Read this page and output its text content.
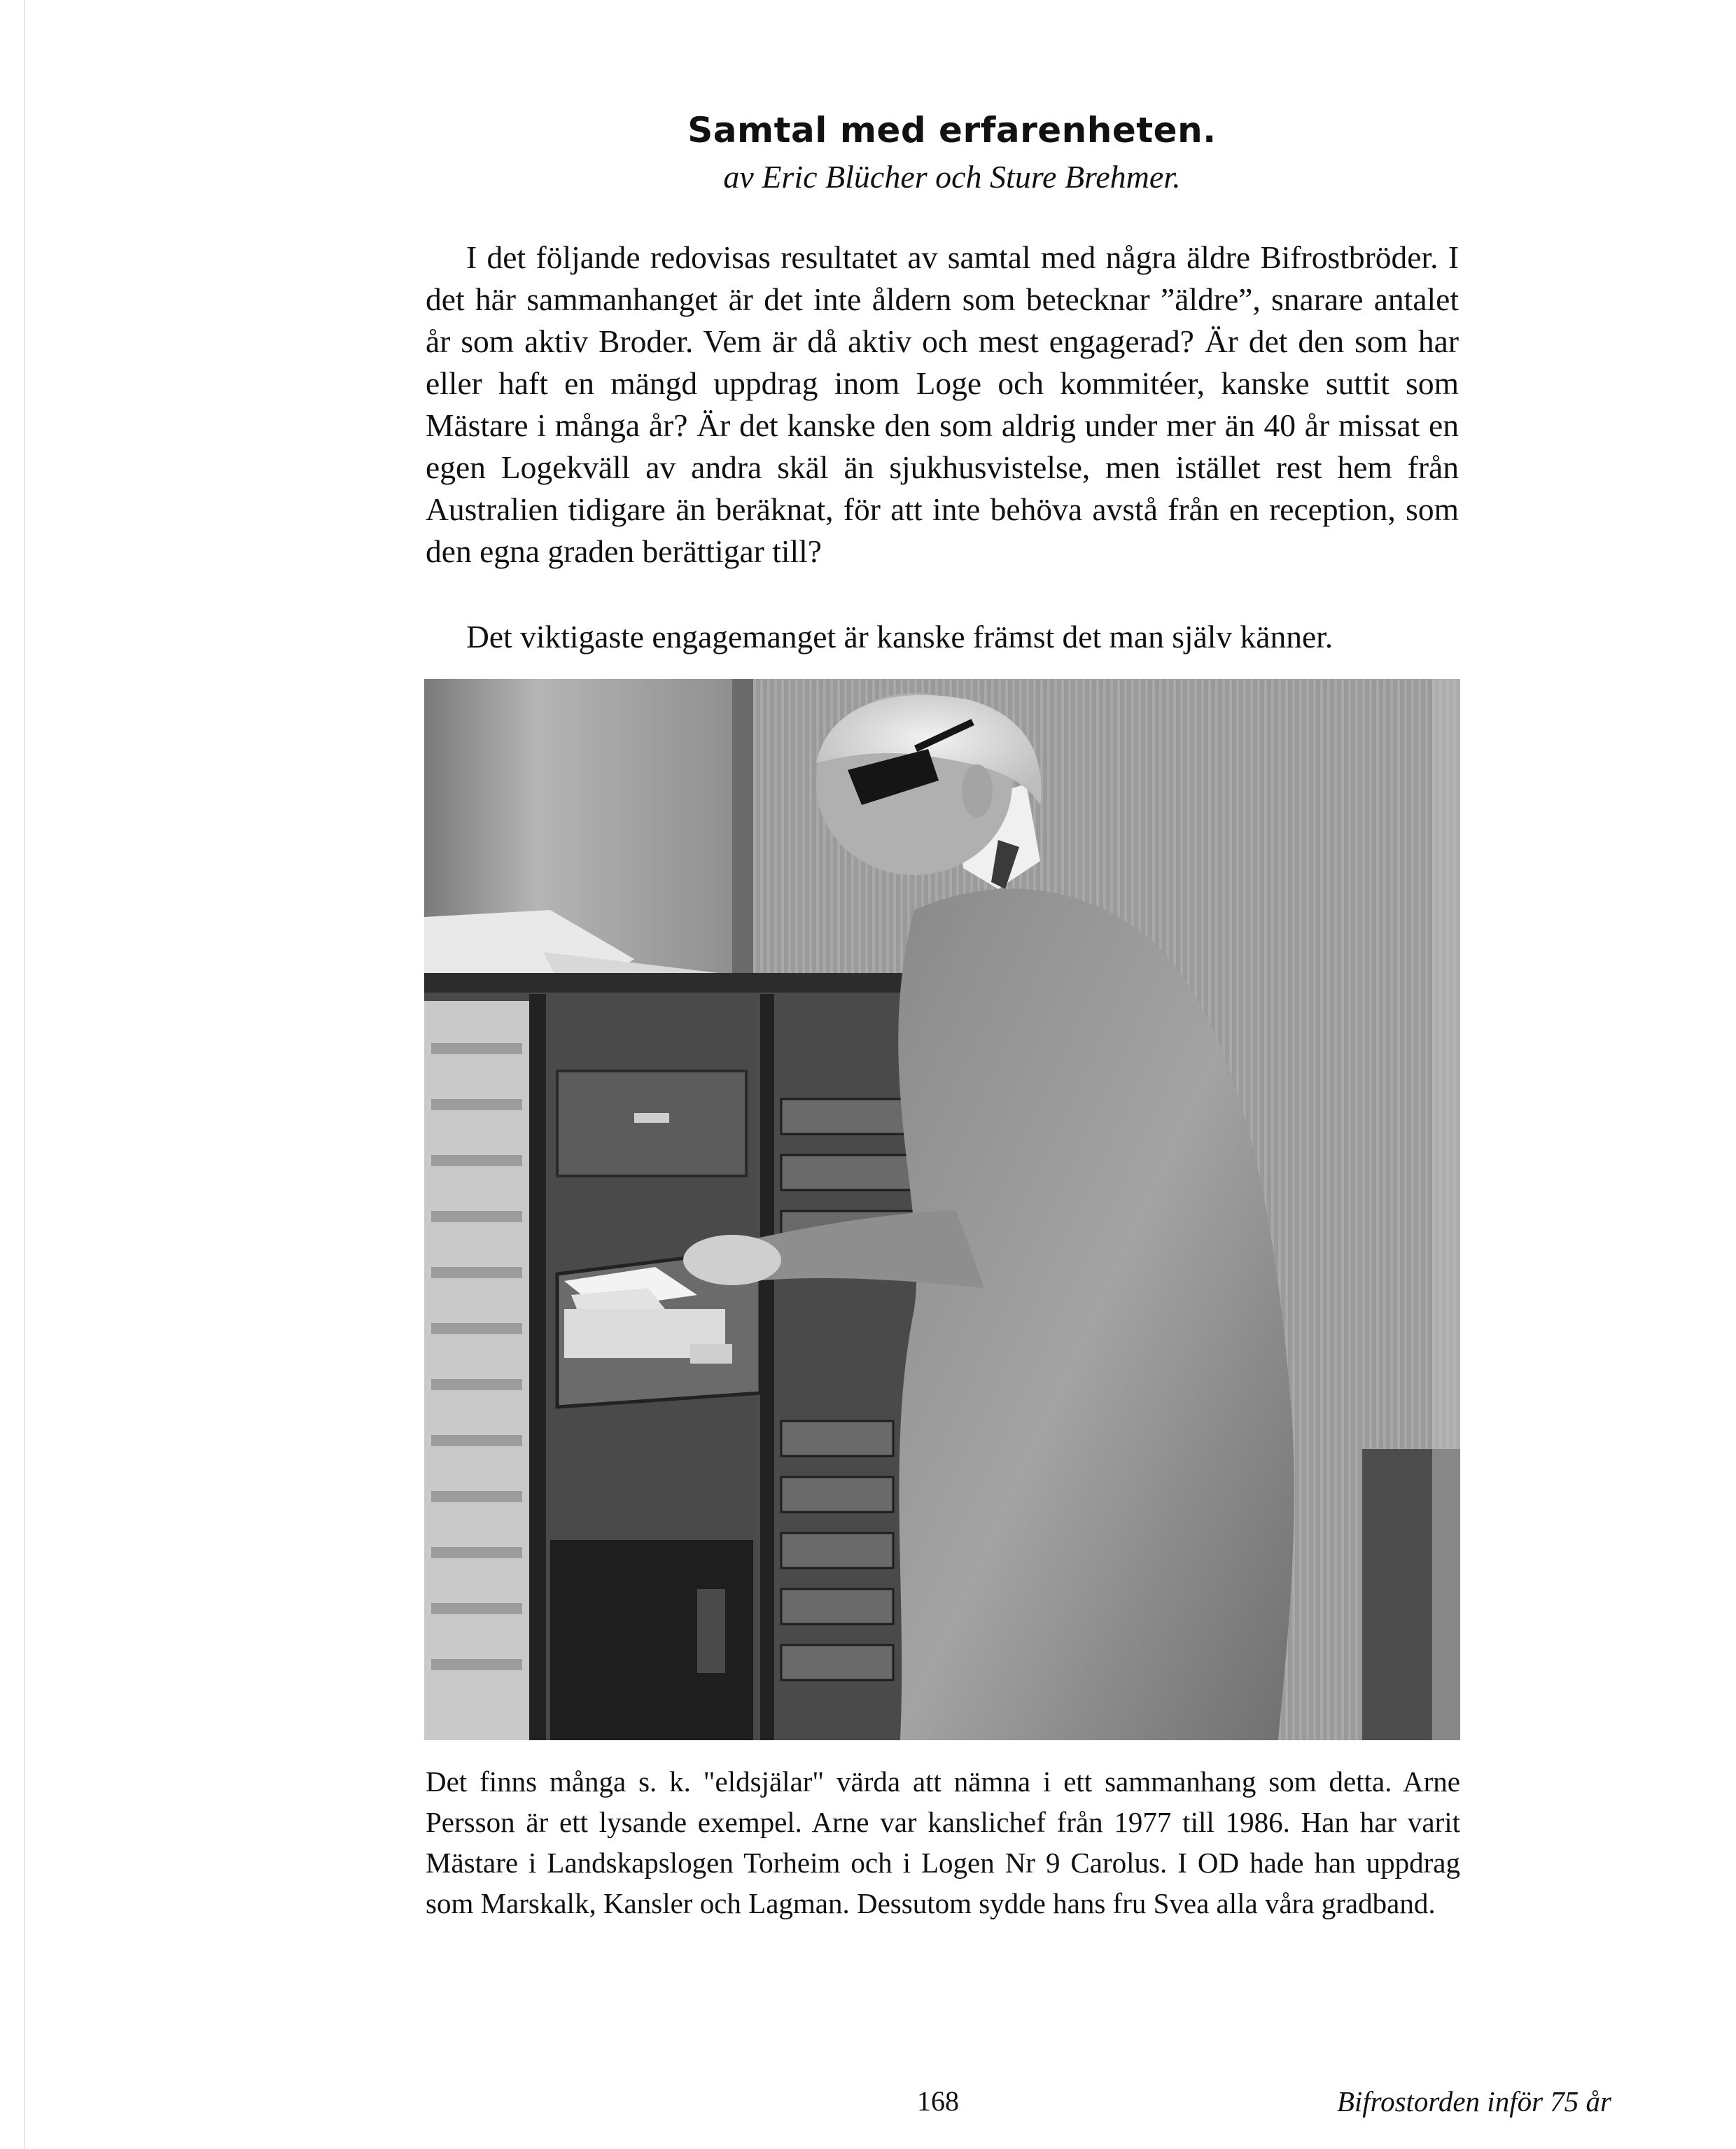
Samtal med erfarenheten.
av Eric Blücher och Sture Brehmer.

I det följande redovisas resultatet av samtal med några äldre Bifrostbröder. I det här sammanhanget är det inte åldern som betecknar ”äldre”, snarare antalet år som aktiv Broder. Vem är då aktiv och mest engagerad? Är det den som har eller haft en mängd uppdrag inom Loge och kommitéer, kanske suttit som Mästare i många år? Är det kanske den som aldrig under mer än 40 år missat en egen Logekväll av andra skäl än sjukhusvistelse, men istället rest hem från Australien tidigare än beräknat, för att inte behöva avstå från en reception, som den egna graden berättigar till?

Det viktigaste engagemanget är kanske främst det man själv känner.

Det finns många s. k. "eldsjälar" värda att nämna i ett sammanhang som detta. Arne Persson är ett lysande exempel. Arne var kanslichef från 1977 till 1986. Han har varit Mästare i Landskapslogen Torheim och i Logen Nr 9 Carolus. I OD hade han uppdrag som Marskalk, Kansler och Lagman. Dessutom sydde hans fru Svea alla våra gradband.

168	Bifrostorden inför 75 år
